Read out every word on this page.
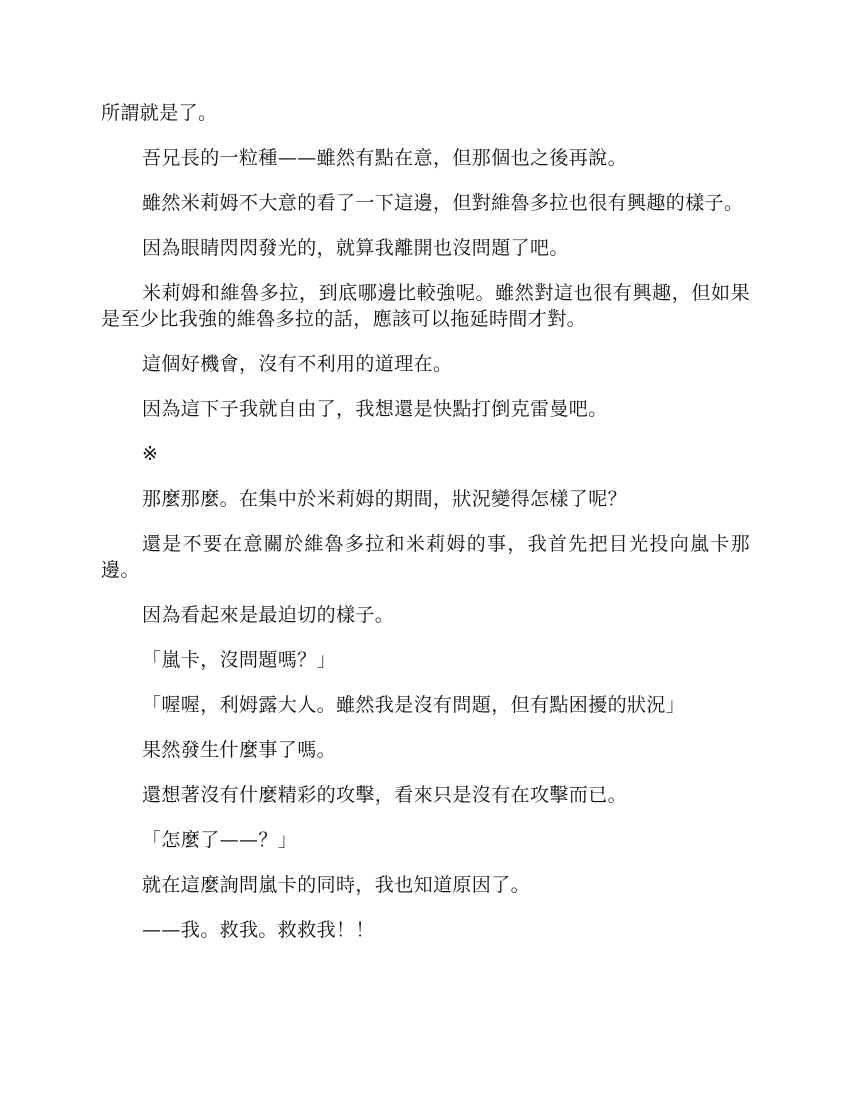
所謂就是了。

吾兄長的一粒種——雖然有點在意，但那個也之後再說。

雖然米莉姆不大意的看了一下這邊，但對維魯多拉也很有興趣的樣子。

因為眼睛閃閃發光的，就算我離開也沒問題了吧。

米莉姆和維魯多拉，到底哪邊比較強呢。雖然對這也很有興趣，但如果是至少比我強的維魯多拉的話，應該可以拖延時間才對。

這個好機會，沒有不利用的道理在。

因為這下子我就自由了，我想還是快點打倒克雷曼吧。

※

那麼那麼。在集中於米莉姆的期間，狀況變得怎樣了呢？

還是不要在意關於維魯多拉和米莉姆的事，我首先把目光投向嵐卡那邊。

因為看起來是最迫切的樣子。

「嵐卡，沒問題嗎？」

「喔喔，利姆露大人。雖然我是沒有問題，但有點困擾的狀況」

果然發生什麼事了嗎。

還想著沒有什麼精彩的攻擊，看來只是沒有在攻擊而已。

「怎麼了——？」

就在這麼詢問嵐卡的同時，我也知道原因了。

——我。救我。救救我！！
